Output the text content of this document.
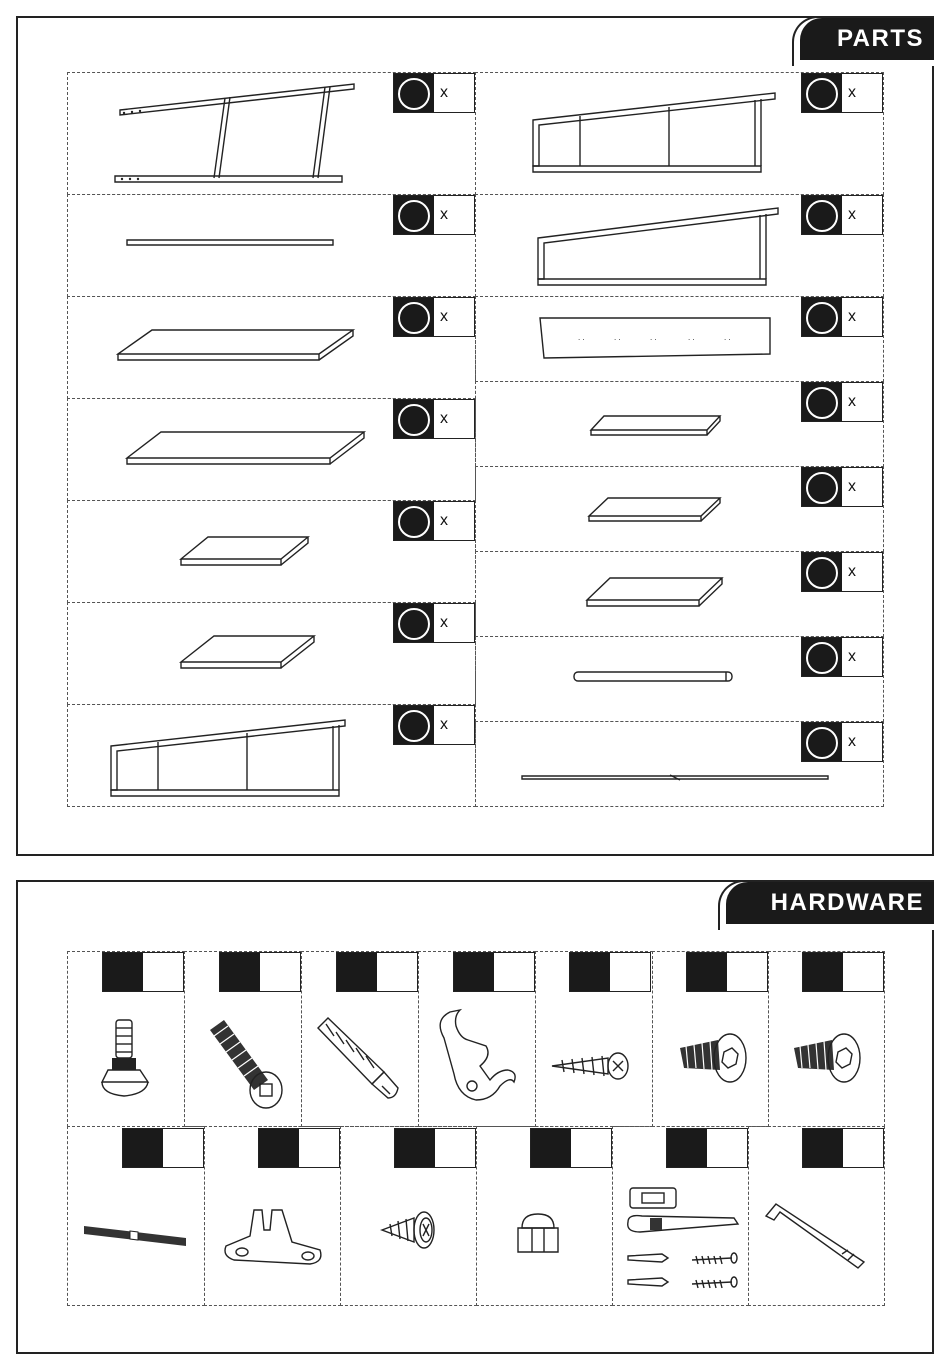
PARTS
x
x
x
x
x
x
x
x
x
x
x
x
x
x
x
. .	. .	. .	. .	. .
HARDWARE
